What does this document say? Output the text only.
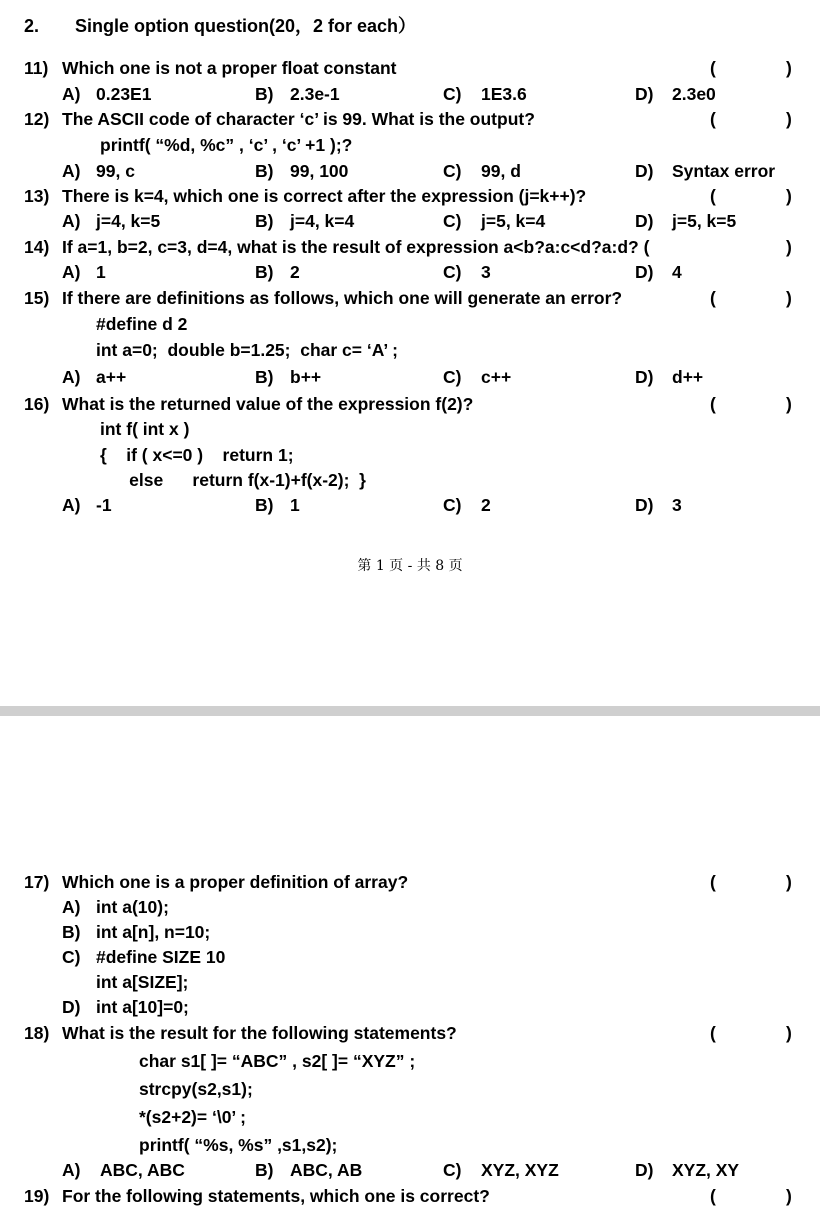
2. Single option question(20，2 for each）
11) Which one is not a proper float constant	(	)
A) 0.23E1	B) 2.3e-1	C) 1E3.6	D) 2.3e0
12) The ASCII code of character ‘c’ is 99. What is the output?	(	)
printf( “%d, %c” , ‘c’ , ‘c’ +1 );?
A) 99, c	B) 99, 100	C) 99, d	D) Syntax error
13) There is k=4, which one is correct after the expression (j=k++)?	(	)
A) j=4, k=5	B) j=4, k=4	C) j=5, k=4	D) j=5, k=5
14) If a=1, b=2, c=3, d=4, what is the result of expression a<b?a:c<d?a:d? (	)
A) 1	B) 2	C) 3	D) 4
15) If there are definitions as follows, which one will generate an error?	(	)
#define d 2
int a=0;  double b=1.25;  char c= ‘A’ ;
A) a++	B) b++	C) c++	D) d++
16) What is the returned value of the expression f(2)?	(	)
int f( int x )
{    if ( x<=0 )    return 1;
else      return f(x-1)+f(x-2);  }
A) -1	B) 1	C) 2	D) 3
第 1 页 - 共 8 页
17) Which one is a proper definition of array?	(	)
A) int a(10);
B) int a[n], n=10;
C) #define SIZE 10
int a[SIZE];
D) int a[10]=0;
18) What is the result for the following statements?	(	)
char s1[ ]= “ABC” , s2[ ]= “XYZ” ;
strcpy(s2,s1);
*(s2+2)= ‘\0’ ;
printf( “%s, %s” ,s1,s2);
A) ABC, ABC	B) ABC, AB	C) XYZ, XYZ	D) XYZ, XY
19) For the following statements, which one is correct?	(	)
